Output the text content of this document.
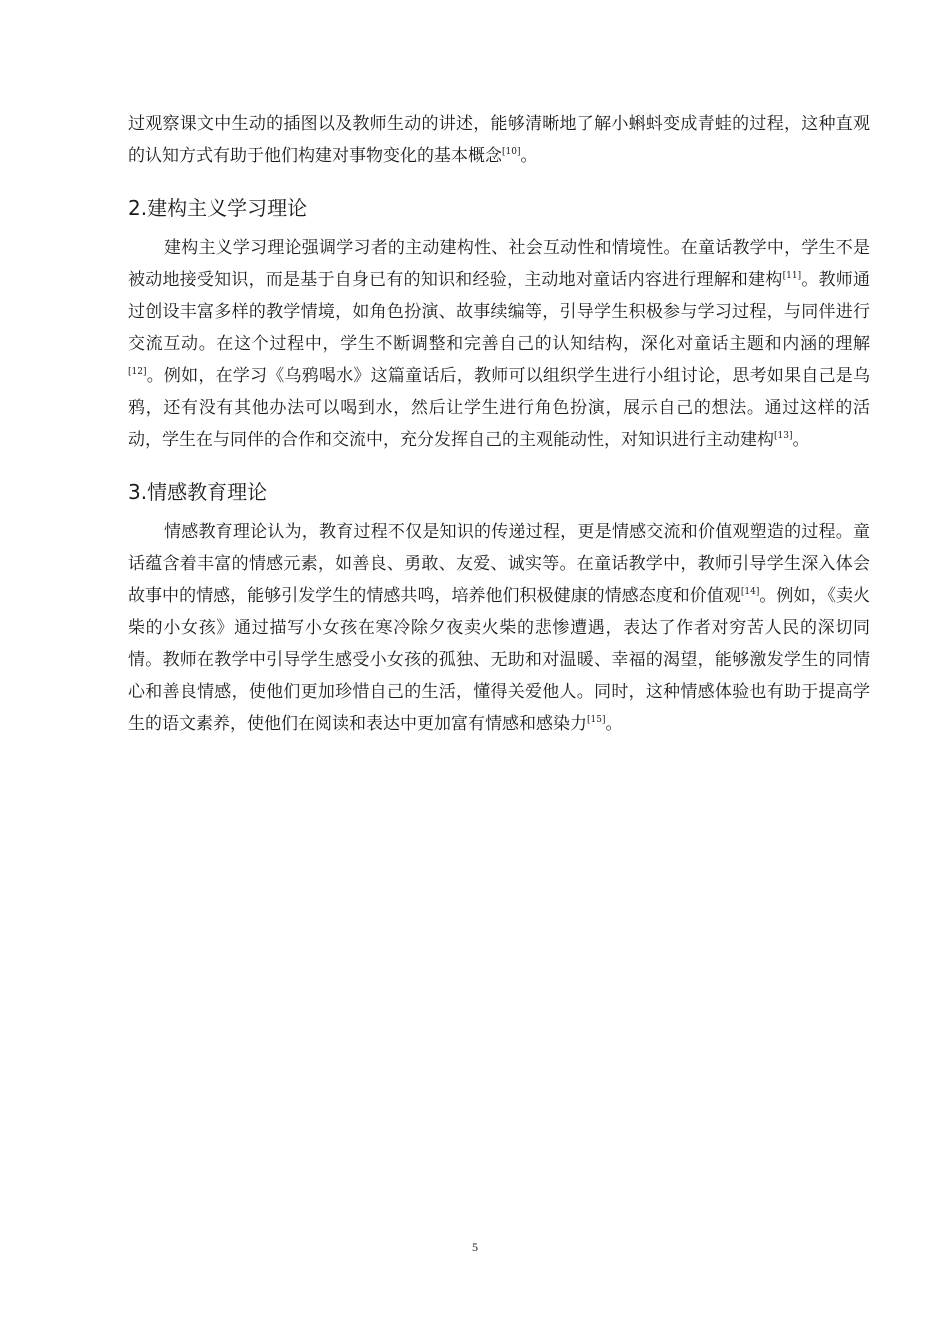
过观察课文中生动的插图以及教师生动的讲述，能够清晰地了解小蝌蚪变成青蛙的过程，这种直观的认知方式有助于他们构建对事物变化的基本概念[10]。

2.建构主义学习理论

建构主义学习理论强调学习者的主动建构性、社会互动性和情境性。在童话教学中，学生不是被动地接受知识，而是基于自身已有的知识和经验，主动地对童话内容进行理解和建构[11]。教师通过创设丰富多样的教学情境，如角色扮演、故事续编等，引导学生积极参与学习过程，与同伴进行交流互动。在这个过程中，学生不断调整和完善自己的认知结构，深化对童话主题和内涵的理解[12]。例如，在学习《乌鸦喝水》这篇童话后，教师可以组织学生进行小组讨论，思考如果自己是乌鸦，还有没有其他办法可以喝到水，然后让学生进行角色扮演，展示自己的想法。通过这样的活动，学生在与同伴的合作和交流中，充分发挥自己的主观能动性，对知识进行主动建构[13]。

3.情感教育理论

情感教育理论认为，教育过程不仅是知识的传递过程，更是情感交流和价值观塑造的过程。童话蕴含着丰富的情感元素，如善良、勇敢、友爱、诚实等。在童话教学中，教师引导学生深入体会故事中的情感，能够引发学生的情感共鸣，培养他们积极健康的情感态度和价值观[14]。例如，《卖火柴的小女孩》通过描写小女孩在寒冷除夕夜卖火柴的悲惨遭遇，表达了作者对穷苦人民的深切同情。教师在教学中引导学生感受小女孩的孤独、无助和对温暖、幸福的渴望，能够激发学生的同情心和善良情感，使他们更加珍惜自己的生活，懂得关爱他人。同时，这种情感体验也有助于提高学生的语文素养，使他们在阅读和表达中更加富有情感和感染力[15]。

5
